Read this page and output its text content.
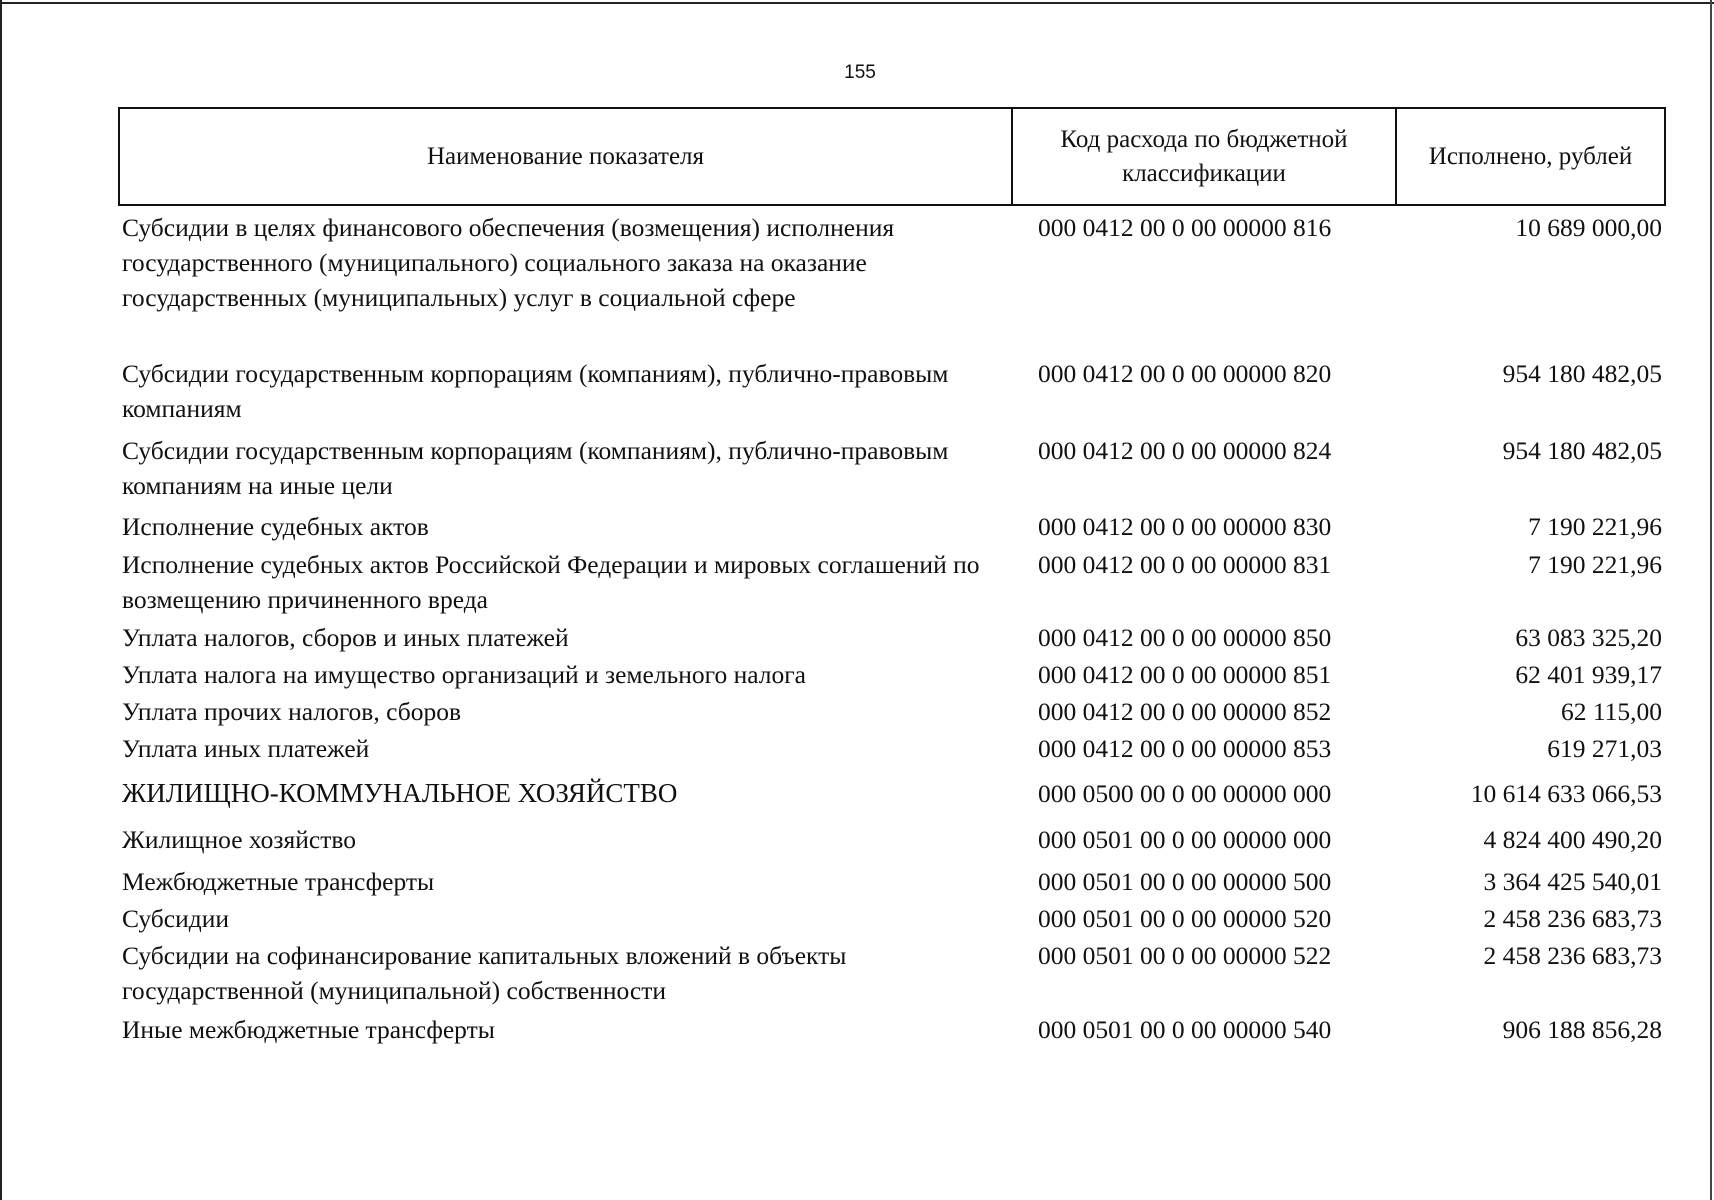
155
Наименование показателя
Код расхода по бюджетной классификации
Исполнено, рублей
Субсидии в целях финансового обеспечения (возмещения) исполнения государственного (муниципального) социального заказа на оказание государственных (муниципальных) услуг в социальной сфере
000 0412 00 0 00 00000 816	10 689 000,00
Субсидии государственным корпорациям (компаниям), публично-правовым компаниям
000 0412 00 0 00 00000 820	954 180 482,05
Субсидии государственным корпорациям (компаниям), публично-правовым компаниям на иные цели
000 0412 00 0 00 00000 824	954 180 482,05
Исполнение судебных актов	000 0412 00 0 00 00000 830	7 190 221,96
Исполнение судебных актов Российской Федерации и мировых соглашений по возмещению причиненного вреда
000 0412 00 0 00 00000 831	7 190 221,96
Уплата налогов, сборов и иных платежей	000 0412 00 0 00 00000 850	63 083 325,20
Уплата налога на имущество организаций и земельного налога	000 0412 00 0 00 00000 851	62 401 939,17
Уплата прочих налогов, сборов	000 0412 00 0 00 00000 852	62 115,00
Уплата иных платежей	000 0412 00 0 00 00000 853	619 271,03
ЖИЛИЩНО-КОММУНАЛЬНОЕ ХОЗЯЙСТВО	000 0500 00 0 00 00000 000	10 614 633 066,53
Жилищное хозяйство	000 0501 00 0 00 00000 000	4 824 400 490,20
Межбюджетные трансферты	000 0501 00 0 00 00000 500	3 364 425 540,01
Субсидии	000 0501 00 0 00 00000 520	2 458 236 683,73
Субсидии на софинансирование капитальных вложений в объекты государственной (муниципальной) собственности
000 0501 00 0 00 00000 522	2 458 236 683,73
Иные межбюджетные трансферты	000 0501 00 0 00 00000 540	906 188 856,28
